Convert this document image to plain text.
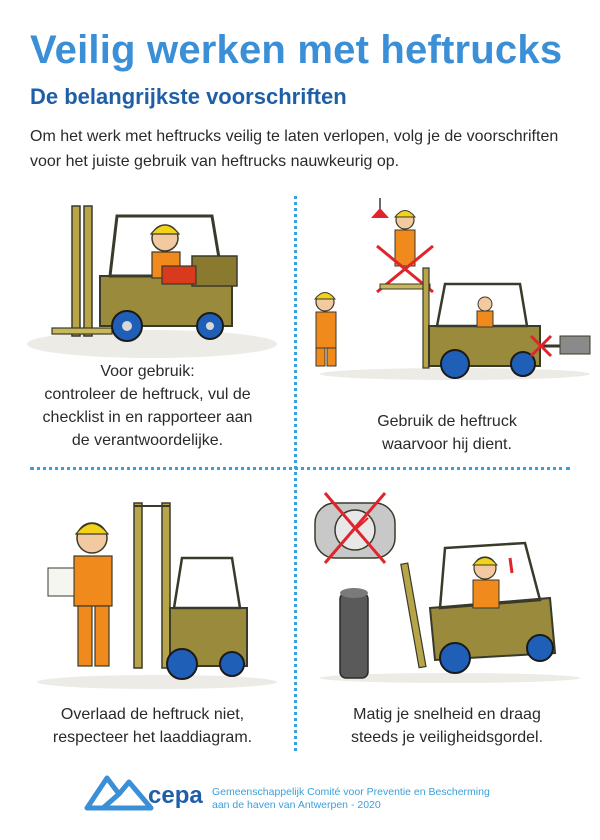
Veilig werken met heftrucks
De belangrijkste voorschriften
Om het werk met heftrucks veilig te laten verlopen, volg je de voorschriften voor het juiste gebruik van heftrucks nauwkeurig op.
Voor gebruik:
controleer de heftruck, vul de
checklist in en rapporteer aan
de verantwoordelijke.
Gebruik de heftruck
waarvoor hij dient.
Overlaad de heftruck niet,
respecteer het laaddiagram.
Matig je snelheid en draag
steeds je veiligheidsgordel.
cepa Gemeenschappelijk Comité voor Preventie en Bescherming
aan de haven van Antwerpen - 2020
